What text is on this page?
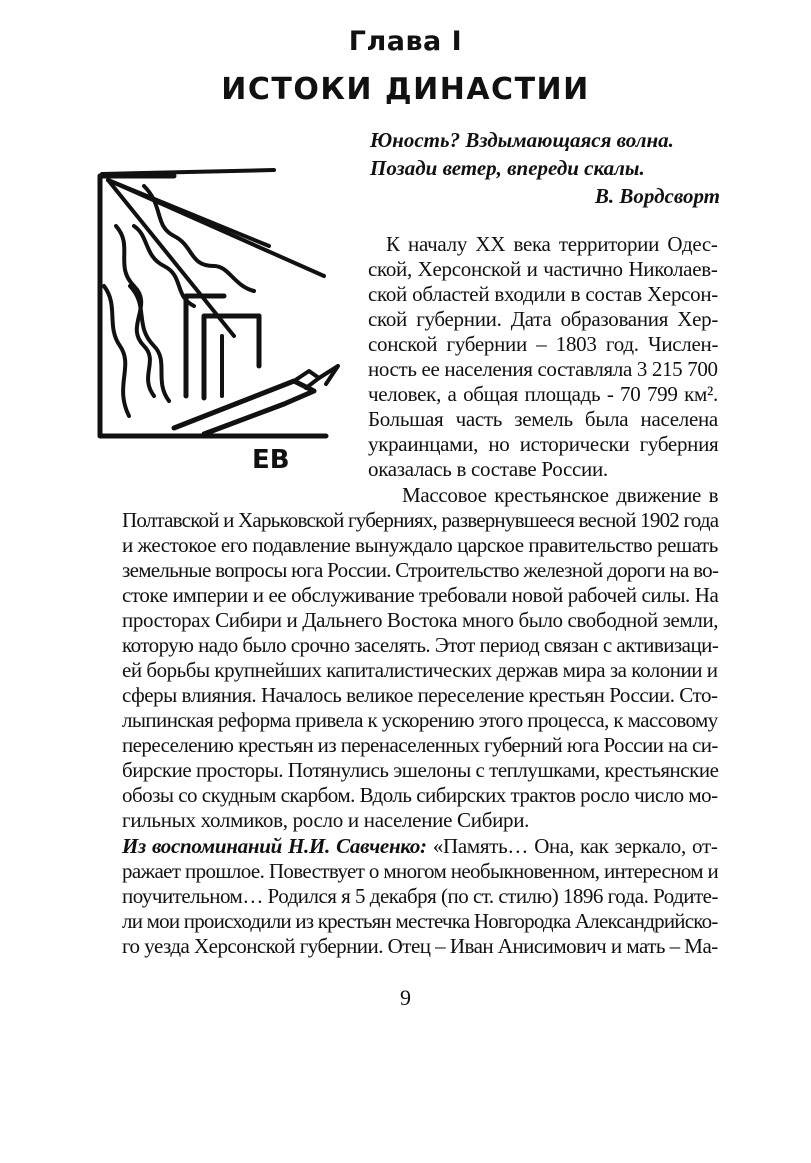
Глава I
ИСТОКИ ДИНАСТИИ
Юность? Вздымающаяся волна.
Позади ветер, впереди скалы.
В. Вордсворт
ЕВ
К началу XX века территории Одес-
ской, Херсонской и частично Николаев-
ской областей входили в состав Херсон-
ской губернии. Дата образования Хер-
сонской губернии – 1803 год. Числен-
ность ее населения составляла 3 215 700
человек, а общая площадь - 70 799 км².
Большая часть земель была населена
украинцами, но исторически губерния
оказалась в составе России.
Массовое крестьянское движение в
Полтавской и Харьковской губерниях, развернувшееся весной 1902 года
и жестокое его подавление вынуждало царское правительство решать
земельные вопросы юга России. Строительство железной дороги на во-
стоке империи и ее обслуживание требовали новой рабочей силы. На
просторах Сибири и Дальнего Востока много было свободной земли,
которую надо было срочно заселять. Этот период связан с активизаци-
ей борьбы крупнейших капиталистических держав мира за колонии и
сферы влияния. Началось великое переселение крестьян России. Сто-
лыпинская реформа привела к ускорению этого процесса, к массовому
переселению крестьян из перенаселенных губерний юга России на си-
бирские просторы. Потянулись эшелоны с теплушками, крестьянские
обозы со скудным скарбом. Вдоль сибирских трактов росло число мо-
гильных холмиков, росло и население Сибири.
Из воспоминаний Н.И. Савченко: «Память… Она, как зеркало, от-
ражает прошлое. Повествует о многом необыкновенном, интересном и
поучительном… Родился я 5 декабря (по ст. стилю) 1896 года. Родите-
ли мои происходили из крестьян местечка Новгородка Александрийско-
го уезда Херсонской губернии. Отец – Иван Анисимович и мать – Ма-
9
